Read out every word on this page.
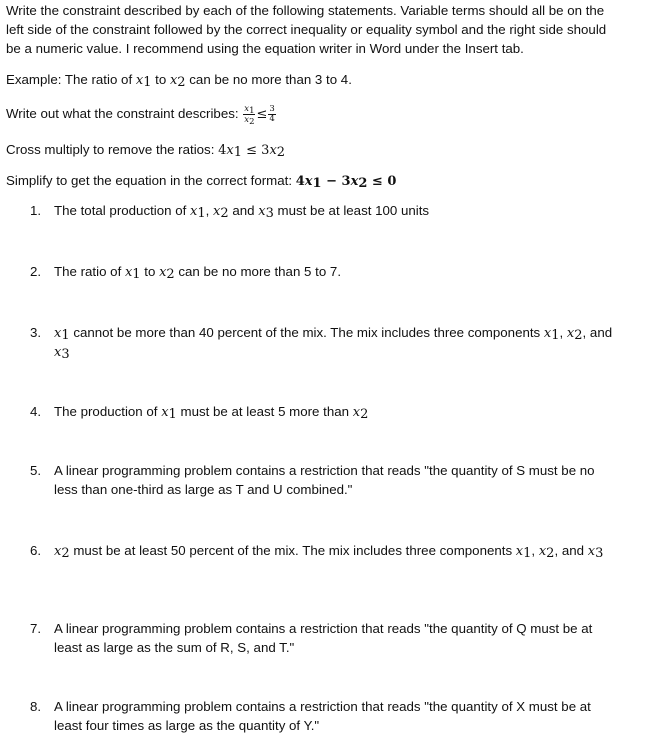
Write the constraint described by each of the following statements. Variable terms should all be on the
left side of the constraint followed by the correct inequality or equality symbol and the right side should
be a numeric value. I recommend using the equation writer in Word under the Insert tab.
Example: The ratio of $x_1$ to $x_2$ can be no more than 3 to 4.
Write out what the constraint describes: $\frac{x_1}{x_2} \le \frac{3}{4}$
Cross multiply to remove the ratios: $4x_1 \le 3x_2$
Simplify to get the equation in the correct format: $4x_1 - 3x_2 \le 0$
1. The total production of $x_1$, $x_2$ and $x_3$ must be at least 100 units
2. The ratio of $x_1$ to $x_2$ can be no more than 5 to 7.
3. $x_1$ cannot be more than 40 percent of the mix. The mix includes three components $x_1$, $x_2$, and
$x_3$
4. The production of $x_1$ must be at least 5 more than $x_2$
5. A linear programming problem contains a restriction that reads "the quantity of S must be no
less than one-third as large as T and U combined."
6. $x_2$ must be at least 50 percent of the mix. The mix includes three components $x_1$, $x_2$, and $x_3$
7. A linear programming problem contains a restriction that reads "the quantity of Q must be at
least as large as the sum of R, S, and T."
8. A linear programming problem contains a restriction that reads "the quantity of X must be at
least four times as large as the quantity of Y."
